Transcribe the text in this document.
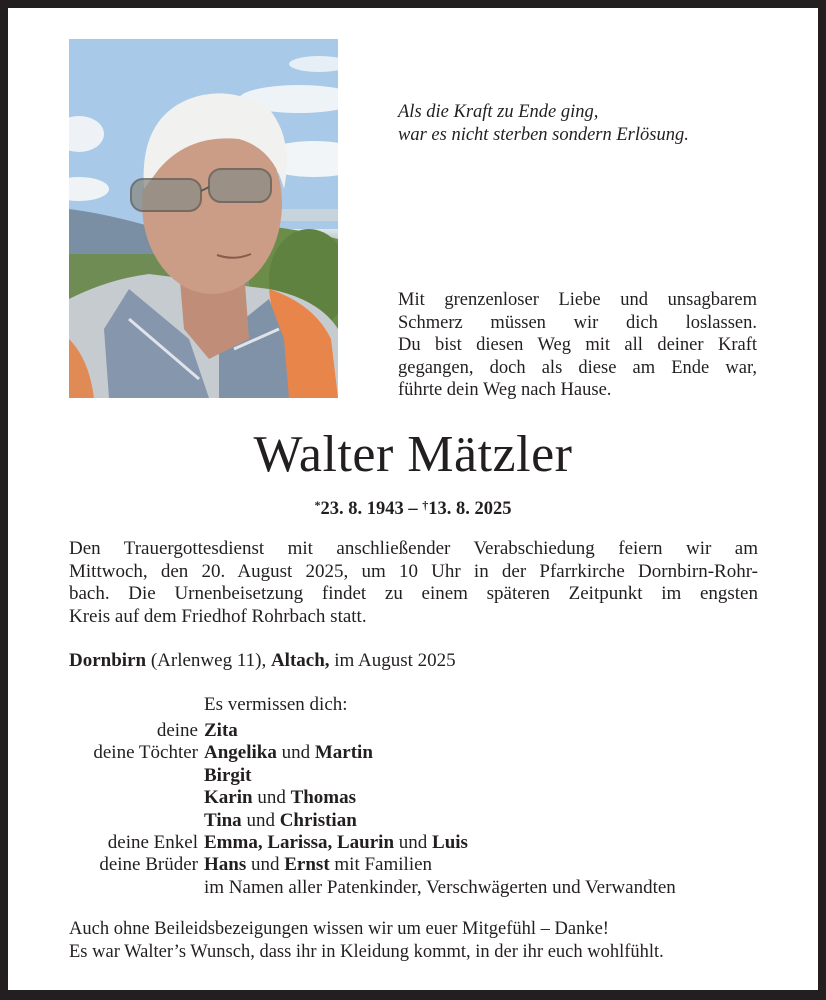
Als die Kraft zu Ende ging,
war es nicht sterben sondern Erlösung.
Mit grenzenloser Liebe und unsagbarem
Schmerz müssen wir dich loslassen.
Du bist diesen Weg mit all deiner Kraft
gegangen, doch als diese am Ende war,
führte dein Weg nach Hause.
Walter Mätzler
*23. 8. 1943 – †13. 8. 2025
Den Trauergottesdienst mit anschließender Verabschiedung feiern wir am
Mittwoch, den 20. August 2025, um 10 Uhr in der Pfarrkirche Dornbirn-Rohr-
bach. Die Urnenbeisetzung findet zu einem späteren Zeitpunkt im engsten
Kreis auf dem Friedhof Rohrbach statt.
Dornbirn (Arlenweg 11), Altach, im August 2025
Es vermissen dich:
deine Zita
deine Töchter Angelika und Martin
Birgit
Karin und Thomas
Tina und Christian
deine Enkel Emma, Larissa, Laurin und Luis
deine Brüder Hans und Ernst mit Familien
im Namen aller Patenkinder, Verschwägerten und Verwandten
Auch ohne Beileidsbezeigungen wissen wir um euer Mitgefühl – Danke!
Es war Walter’s Wunsch, dass ihr in Kleidung kommt, in der ihr euch wohlfühlt.
